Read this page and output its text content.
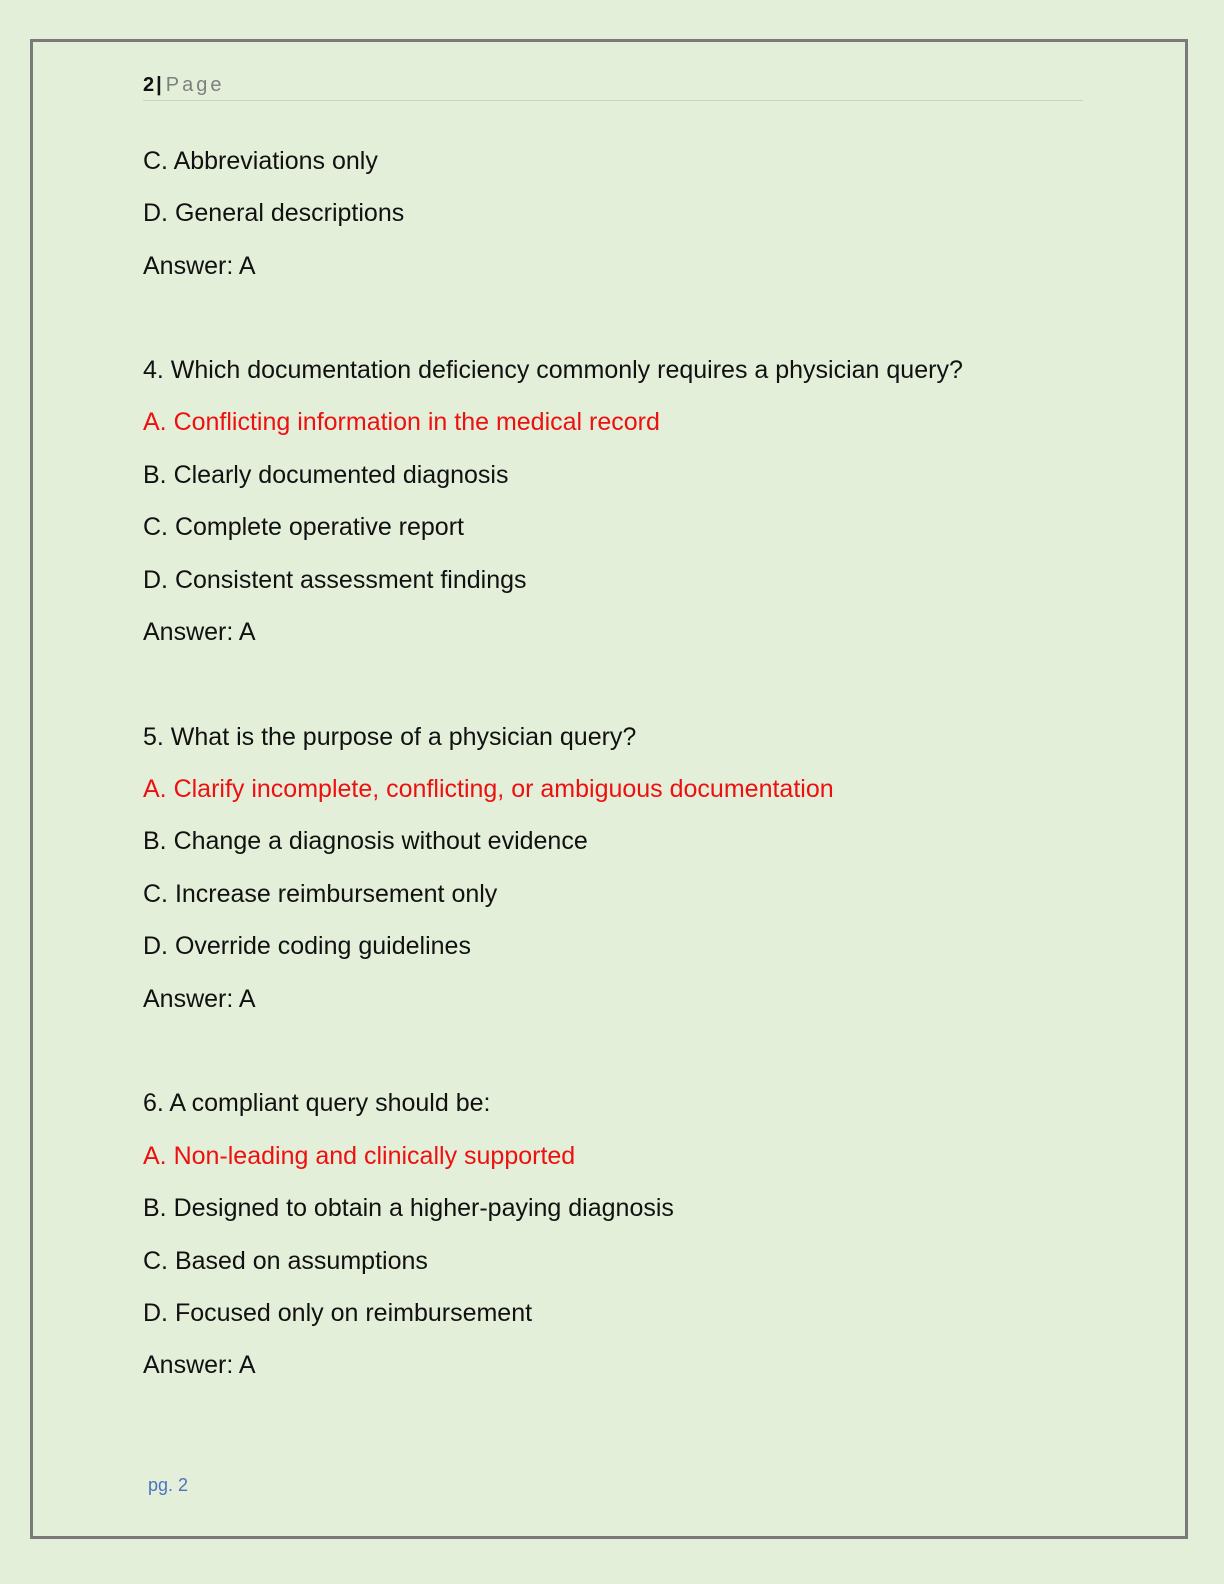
2 | Page
C. Abbreviations only
D. General descriptions
Answer: A
4. Which documentation deficiency commonly requires a physician query?
A. Conflicting information in the medical record
B. Clearly documented diagnosis
C. Complete operative report
D. Consistent assessment findings
Answer: A
5. What is the purpose of a physician query?
A. Clarify incomplete, conflicting, or ambiguous documentation
B. Change a diagnosis without evidence
C. Increase reimbursement only
D. Override coding guidelines
Answer: A
6. A compliant query should be:
A. Non-leading and clinically supported
B. Designed to obtain a higher-paying diagnosis
C. Based on assumptions
D. Focused only on reimbursement
Answer: A
pg. 2
